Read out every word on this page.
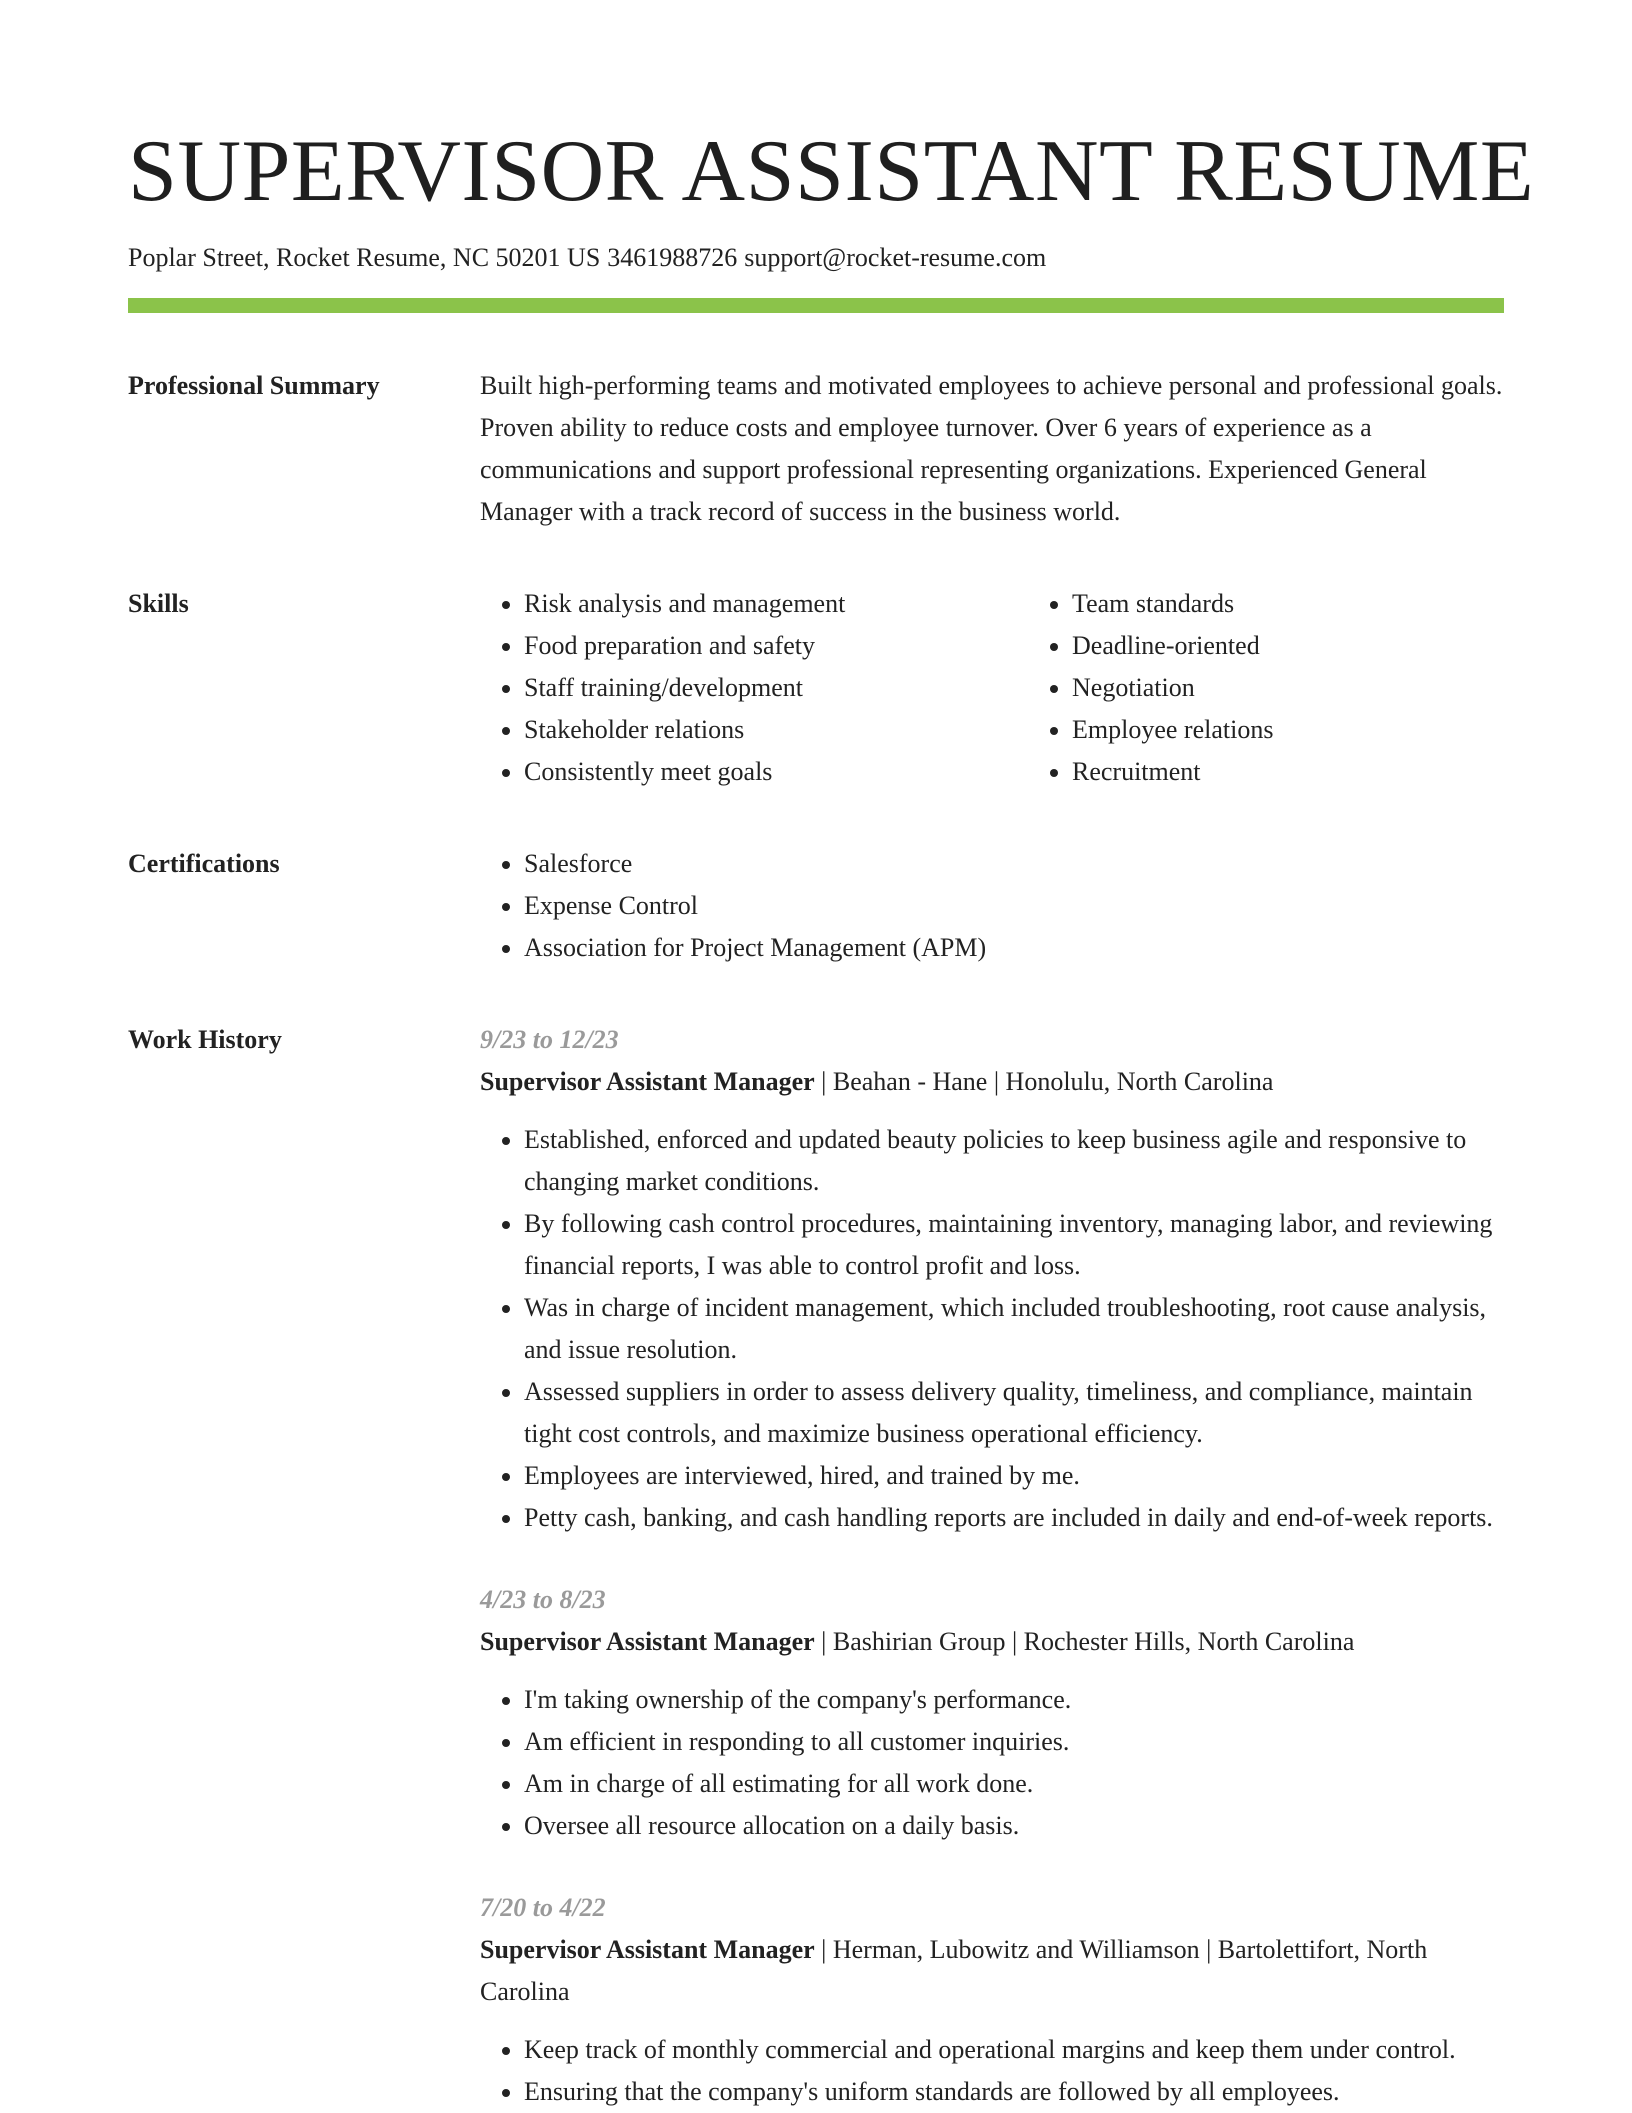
SUPERVISOR ASSISTANT RESUME
Poplar Street, Rocket Resume, NC 50201 US 3461988726 support@rocket-resume.com
Professional Summary	Built high-performing teams and motivated employees to achieve personal and professional goals. Proven ability to reduce costs and employee turnover. Over 6 years of experience as a communications and support professional representing organizations. Experienced General Manager with a track record of success in the business world.

Skills	• Risk analysis and management
• Food preparation and safety
• Staff training/development
• Stakeholder relations
• Consistently meet goals
• Team standards
• Deadline-oriented
• Negotiation
• Employee relations
• Recruitment
Certifications	• Salesforce
• Expense Control
• Association for Project Management (APM)
Work History	9/23 to 12/23
Supervisor Assistant Manager | Beahan - Hane | Honolulu, North Carolina
• Established, enforced and updated beauty policies to keep business agile and responsive to changing market conditions.
• By following cash control procedures, maintaining inventory, managing labor, and reviewing financial reports, I was able to control profit and loss.
• Was in charge of incident management, which included troubleshooting, root cause analysis, and issue resolution.
• Assessed suppliers in order to assess delivery quality, timeliness, and compliance, maintain tight cost controls, and maximize business operational efficiency.
• Employees are interviewed, hired, and trained by me.
• Petty cash, banking, and cash handling reports are included in daily and end-of-week reports.
4/23 to 8/23
Supervisor Assistant Manager | Bashirian Group | Rochester Hills, North Carolina
• I'm taking ownership of the company's performance.
• Am efficient in responding to all customer inquiries.
• Am in charge of all estimating for all work done.
• Oversee all resource allocation on a daily basis.
7/20 to 4/22
Supervisor Assistant Manager | Herman, Lubowitz and Williamson | Bartolettifort, North Carolina
• Keep track of monthly commercial and operational margins and keep them under control.
• Ensuring that the company's uniform standards are followed by all employees.
